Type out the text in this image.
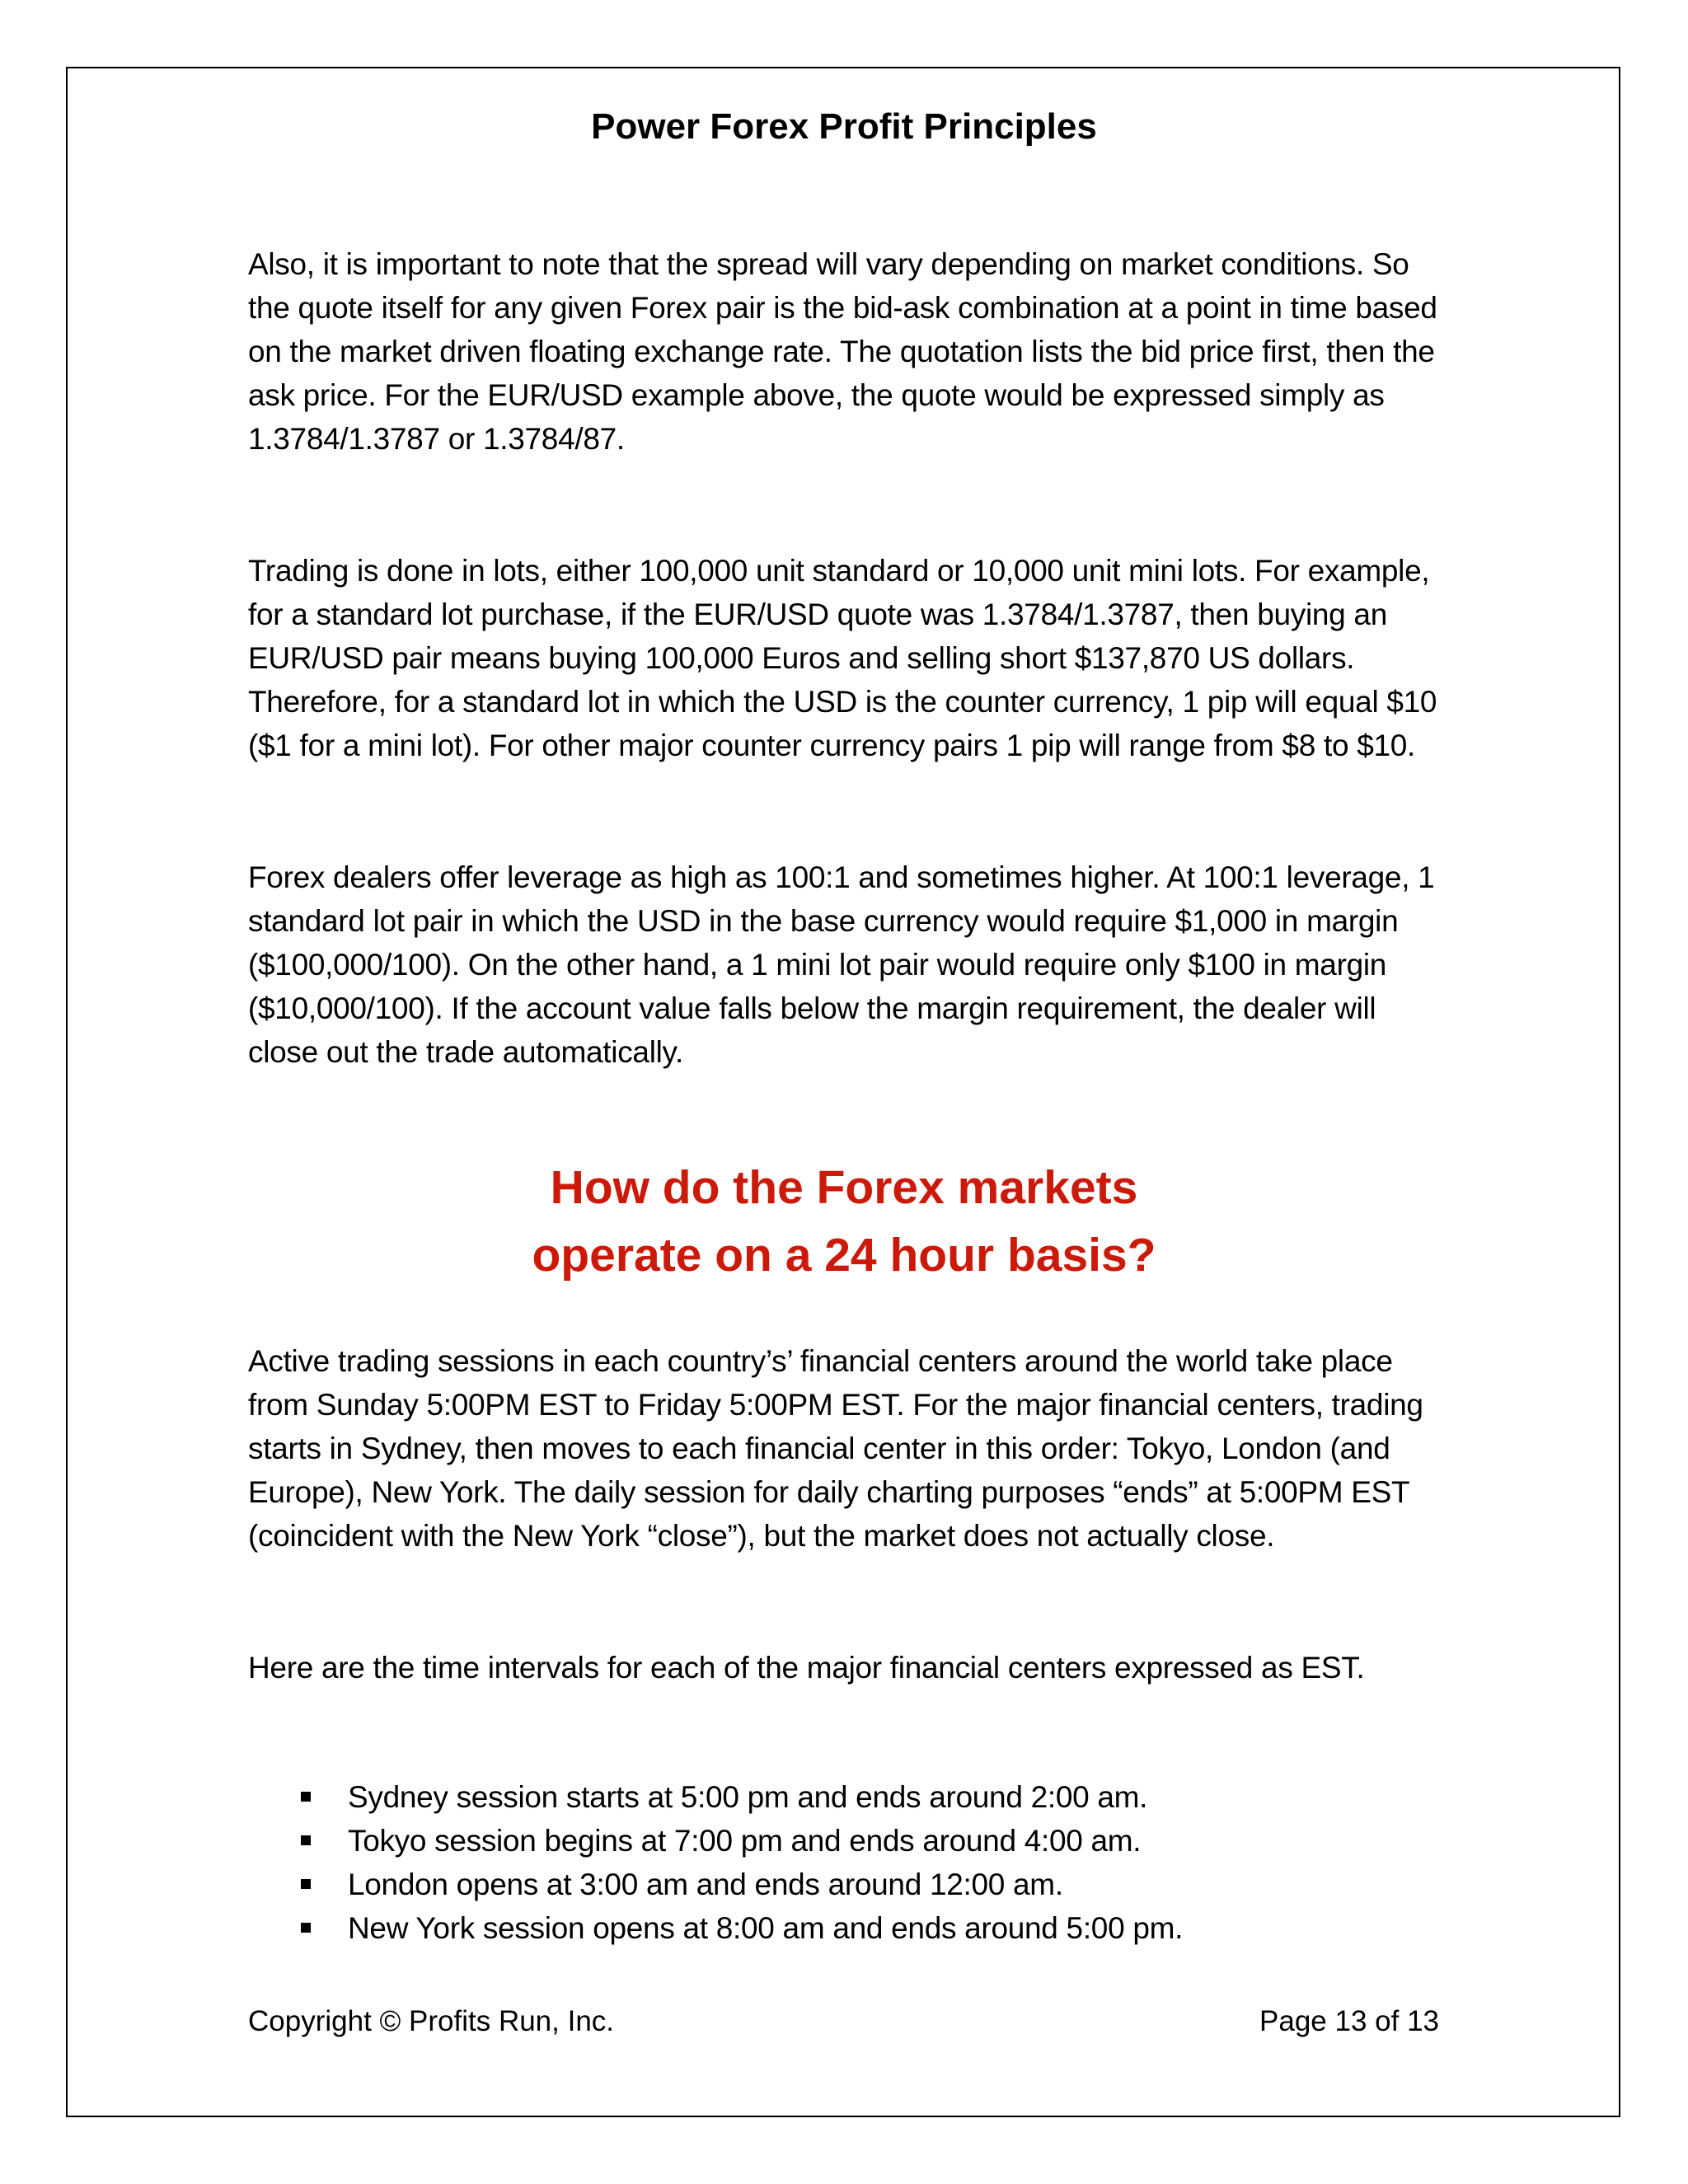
Power Forex Profit Principles

Also, it is important to note that the spread will vary depending on market conditions. So the quote itself for any given Forex pair is the bid-ask combination at a point in time based on the market driven floating exchange rate. The quotation lists the bid price first, then the ask price. For the EUR/USD example above, the quote would be expressed simply as 1.3784/1.3787 or 1.3784/87.

Trading is done in lots, either 100,000 unit standard or 10,000 unit mini lots. For example, for a standard lot purchase, if the EUR/USD quote was 1.3784/1.3787, then buying an EUR/USD pair means buying 100,000 Euros and selling short $137,870 US dollars. Therefore, for a standard lot in which the USD is the counter currency, 1 pip will equal $10 ($1 for a mini lot). For other major counter currency pairs 1 pip will range from $8 to $10.

Forex dealers offer leverage as high as 100:1 and sometimes higher. At 100:1 leverage, 1 standard lot pair in which the USD in the base currency would require $1,000 in margin ($100,000/100). On the other hand, a 1 mini lot pair would require only $100 in margin ($10,000/100). If the account value falls below the margin requirement, the dealer will close out the trade automatically.

How do the Forex markets
operate on a 24 hour basis?

Active trading sessions in each country’s’ financial centers around the world take place from Sunday 5:00PM EST to Friday 5:00PM EST. For the major financial centers, trading starts in Sydney, then moves to each financial center in this order: Tokyo, London (and Europe), New York. The daily session for daily charting purposes “ends” at 5:00PM EST (coincident with the New York “close”), but the market does not actually close.

Here are the time intervals for each of the major financial centers expressed as EST.

Sydney session starts at 5:00 pm and ends around 2:00 am.
Tokyo session begins at 7:00 pm and ends around 4:00 am.
London opens at 3:00 am and ends around 12:00 am.
New York session opens at 8:00 am and ends around 5:00 pm.
Copyright © Profits Run, Inc.	Page 13 of 13
